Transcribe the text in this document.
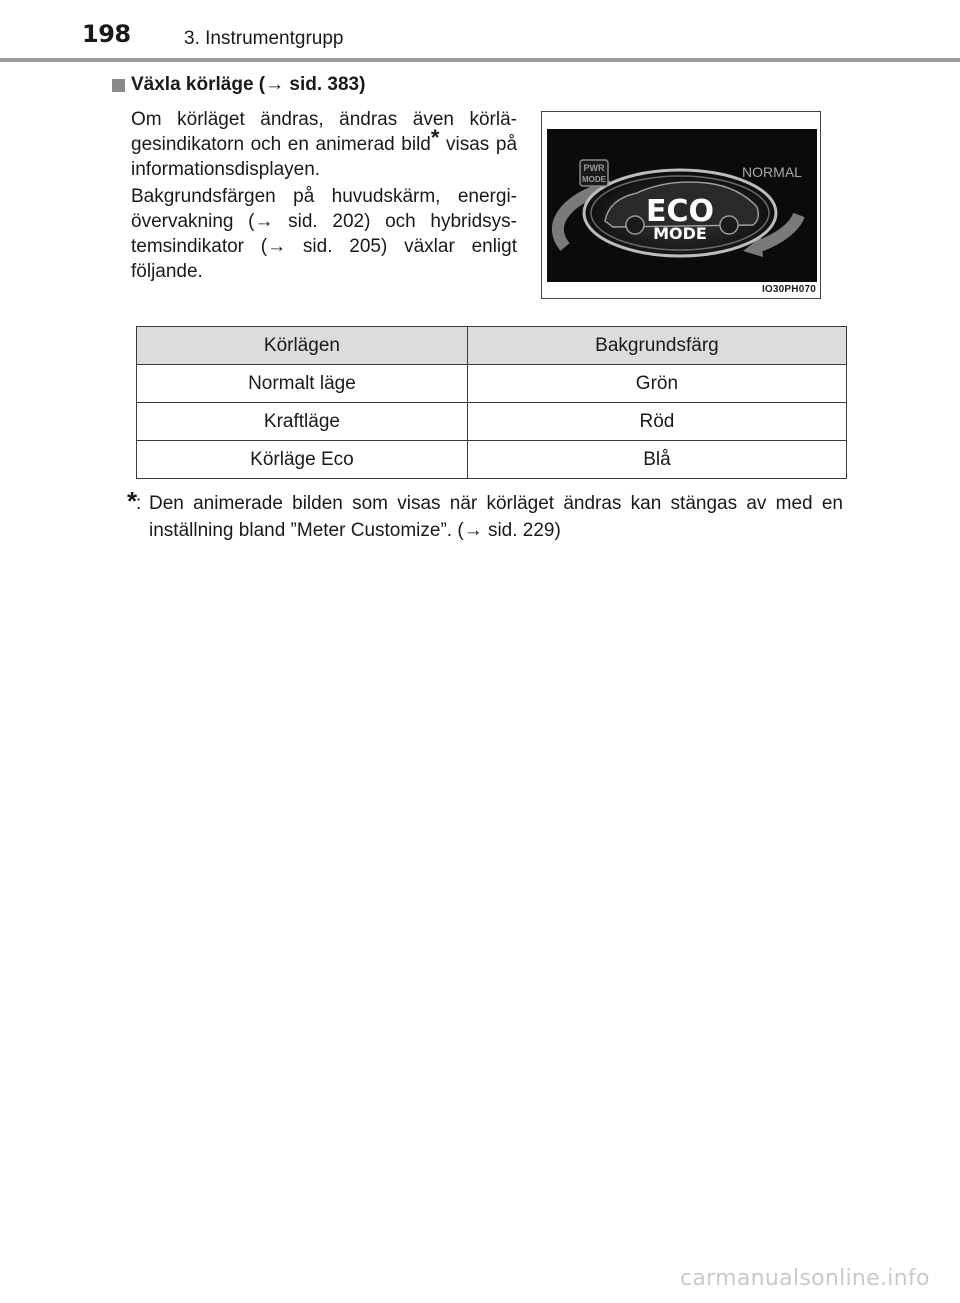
198	3. Instrumentgrupp
Växla körläge (→ sid. 383)

Om körläget ändras, ändras även körlä-gesindikatorn och en animerad bild* visas på informationsdisplayen.

Bakgrundsfärgen på huvudskärm, energi-övervakning (→ sid. 202) och hybridsys-temsindikator (→ sid. 205) växlar enligt följande.

PWR
MODE	NORMAL
ECO
MODE
IO30PH070
Körlägen	Bakgrundsfärg
Normalt läge	Grön
Kraftläge	Röd
Körläge Eco	Blå
*
: Den animerade bilden som visas när körläget ändras kan stängas av med en inställning bland ”Meter Customize”. (→ sid. 229)
carmanualsonline.info
